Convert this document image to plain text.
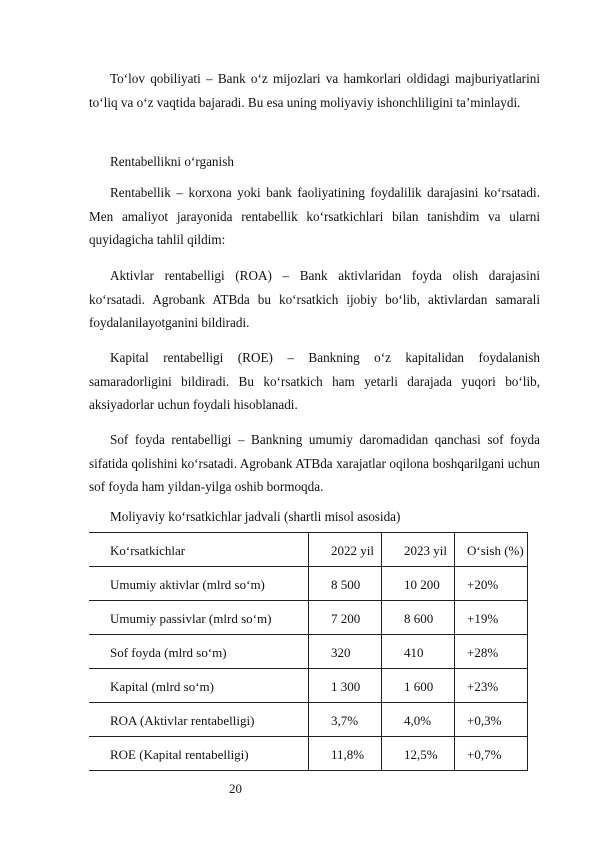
To‘lov qobiliyati – Bank o‘z mijozlari va hamkorlari oldidagi majburiyatlarini to‘liq va o‘z vaqtida bajaradi. Bu esa uning moliyaviy ishonchliligini ta’minlaydi.

Rentabellikni o‘rganish

Rentabellik – korxona yoki bank faoliyatining foydalilik darajasini ko‘rsatadi. Men amaliyot jarayonida rentabellik ko‘rsatkichlari bilan tanishdim va ularni quyidagicha tahlil qildim:

Aktivlar rentabelligi (ROA) – Bank aktivlaridan foyda olish darajasini ko‘rsatadi. Agrobank ATBda bu ko‘rsatkich ijobiy bo‘lib, aktivlardan samarali foydalanilayotganini bildiradi.

Kapital rentabelligi (ROE) – Bankning o‘z kapitalidan foydalanish samaradorligini bildiradi. Bu ko‘rsatkich ham yetarli darajada yuqori bo‘lib, aksiyadorlar uchun foydali hisoblanadi.

Sof foyda rentabelligi – Bankning umumiy daromadidan qanchasi sof foyda sifatida qolishini ko‘rsatadi. Agrobank ATBda xarajatlar oqilona boshqarilgani uchun sof foyda ham yildan-yilga oshib bormoqda.

Moliyaviy ko‘rsatkichlar jadvali (shartli misol asosida)

Ko‘rsatkichlar	2022 yil	2023 yil	O‘sish (%)

Umumiy aktivlar (mlrd so‘m)	8 500	10 200	+20%

Umumiy passivlar (mlrd so‘m)	7 200	8 600	+19%

Sof foyda (mlrd so‘m)	320	410	+28%

Kapital (mlrd so‘m)	1 300	1 600	+23%

ROA (Aktivlar rentabelligi)	3,7%	4,0%	+0,3%

ROE (Kapital rentabelligi)	11,8%	12,5%	+0,7%
20
